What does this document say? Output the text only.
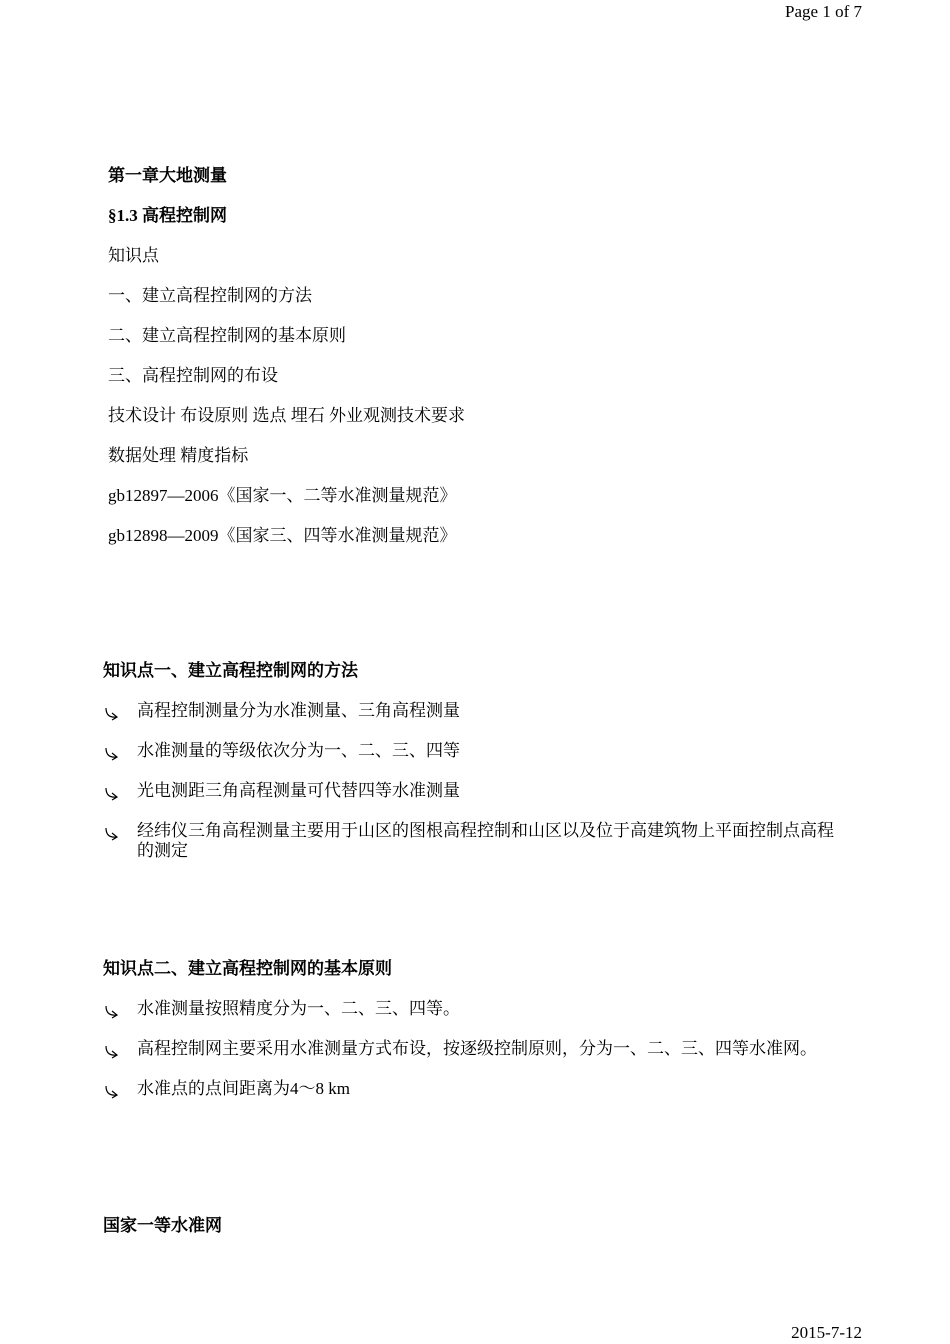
Page 1 of 7
第一章大地测量
§1.3 高程控制网
知识点
一、建立高程控制网的方法
二、建立高程控制网的基本原则
三、高程控制网的布设
技术设计 布设原则 选点 埋石 外业观测技术要求
数据处理 精度指标
gb12897—2006《国家一、二等水准测量规范》
gb12898—2009《国家三、四等水准测量规范》
知识点一、建立高程控制网的方法
高程控制测量分为水准测量、三角高程测量
水准测量的等级依次分为一、二、三、四等
光电测距三角高程测量可代替四等水准测量
经纬仪三角高程测量主要用于山区的图根高程控制和山区以及位于高建筑物上平面控制点高程的测定
知识点二、建立高程控制网的基本原则
水准测量按照精度分为一、二、三、四等。
高程控制网主要采用水准测量方式布设，按逐级控制原则，分为一、二、三、四等水准网。
水准点的点间距离为4～8 km
国家一等水准网
2015-7-12
